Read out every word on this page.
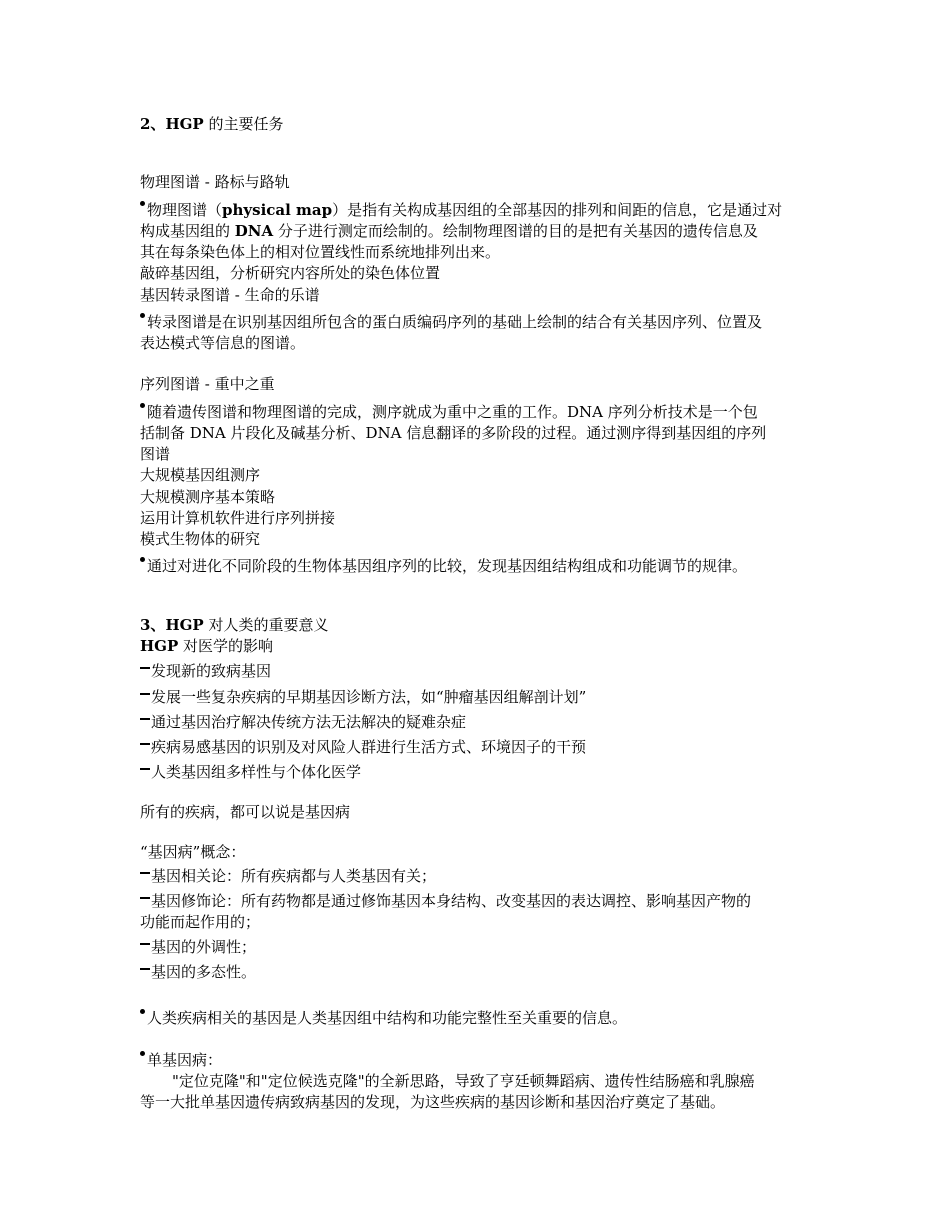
2、HGP 的主要任务
物理图谱 - 路标与路轨
物理图谱（physical map）是指有关构成基因组的全部基因的排列和间距的信息，它是通过对
构成基因组的 DNA 分子进行测定而绘制的。绘制物理图谱的目的是把有关基因的遗传信息及
其在每条染色体上的相对位置线性而系统地排列出来。
敲碎基因组，分析研究内容所处的染色体位置
基因转录图谱 - 生命的乐谱
转录图谱是在识别基因组所包含的蛋白质编码序列的基础上绘制的结合有关基因序列、位置及
表达模式等信息的图谱。
序列图谱 - 重中之重
随着遗传图谱和物理图谱的完成，测序就成为重中之重的工作。DNA 序列分析技术是一个包
括制备 DNA 片段化及碱基分析、DNA 信息翻译的多阶段的过程。通过测序得到基因组的序列
图谱
大规模基因组测序
大规模测序基本策略
运用计算机软件进行序列拼接
模式生物体的研究
通过对进化不同阶段的生物体基因组序列的比较，发现基因组结构组成和功能调节的规律。
3、HGP 对人类的重要意义
HGP 对医学的影响
发现新的致病基因
发展一些复杂疾病的早期基因诊断方法，如“肿瘤基因组解剖计划”
通过基因治疗解决传统方法无法解决的疑难杂症
疾病易感基因的识别及对风险人群进行生活方式、环境因子的干预
人类基因组多样性与个体化医学
所有的疾病，都可以说是基因病
“基因病”概念：
基因相关论：所有疾病都与人类基因有关；
基因修饰论：所有药物都是通过修饰基因本身结构、改变基因的表达调控、影响基因产物的
功能而起作用的；
基因的外调性；
基因的多态性。
人类疾病相关的基因是人类基因组中结构和功能完整性至关重要的信息。
单基因病：
"定位克隆"和"定位候选克隆"的全新思路，导致了亨廷顿舞蹈病、遗传性结肠癌和乳腺癌
等一大批单基因遗传病致病基因的发现，为这些疾病的基因诊断和基因治疗奠定了基础。
